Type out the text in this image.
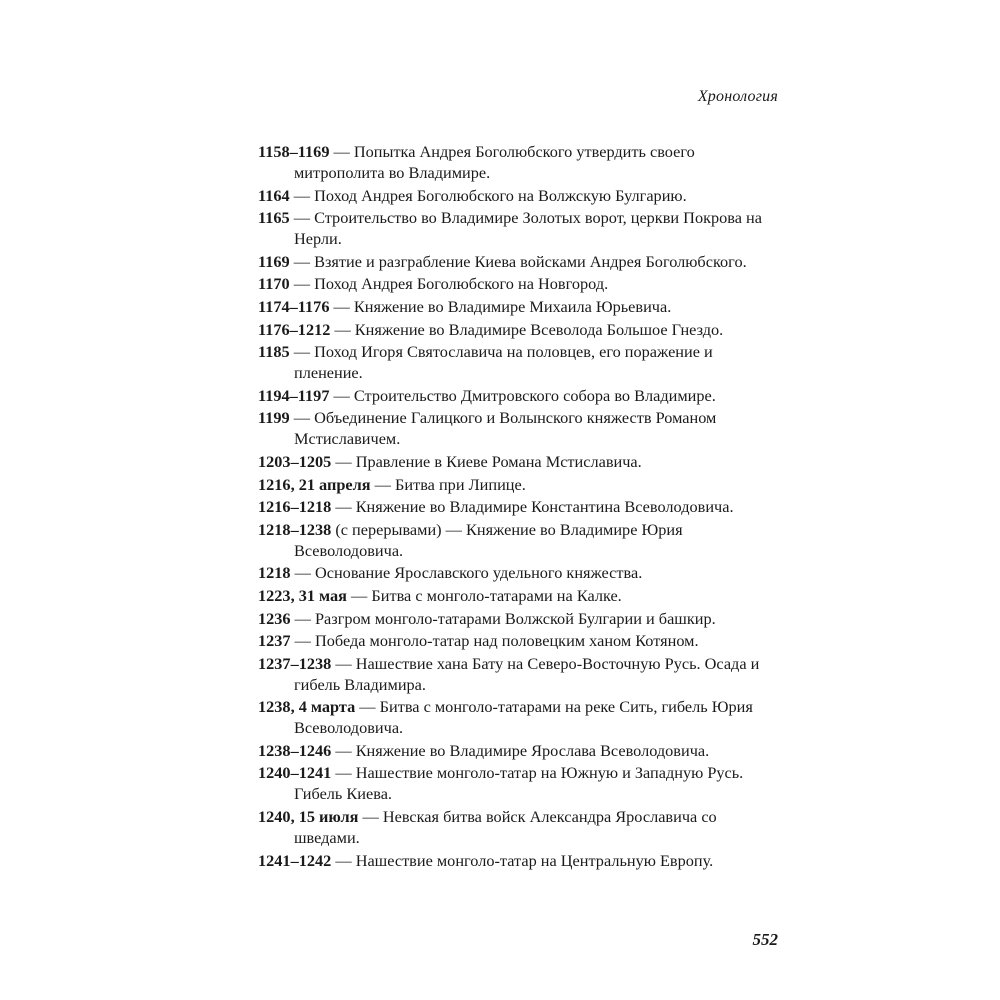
Хронология
1158–1169 — Попытка Андрея Боголюбского утвердить своего митрополита во Владимире.
1164 — Поход Андрея Боголюбского на Волжскую Булгарию.
1165 — Строительство во Владимире Золотых ворот, церкви Покрова на Нерли.
1169 — Взятие и разграбление Киева войсками Андрея Боголюбского.
1170 — Поход Андрея Боголюбского на Новгород.
1174–1176 — Княжение во Владимире Михаила Юрьевича.
1176–1212 — Княжение во Владимире Всеволода Большое Гнездо.
1185 — Поход Игоря Святославича на половцев, его поражение и пленение.
1194–1197 — Строительство Дмитровского собора во Владимире.
1199 — Объединение Галицкого и Волынского княжеств Романом Мстиславичем.
1203–1205 — Правление в Киеве Романа Мстиславича.
1216, 21 апреля — Битва при Липице.
1216–1218 — Княжение во Владимире Константина Всеволодовича.
1218–1238 (с перерывами) — Княжение во Владимире Юрия Всеволодовича.
1218 — Основание Ярославского удельного княжества.
1223, 31 мая — Битва с монголо-татарами на Калке.
1236 — Разгром монголо-татарами Волжской Булгарии и башкир.
1237 — Победа монголо-татар над половецким ханом Котяном.
1237–1238 — Нашествие хана Бату на Северо-Восточную Русь. Осада и гибель Владимира.
1238, 4 марта — Битва с монголо-татарами на реке Сить, гибель Юрия Всеволодовича.
1238–1246 — Княжение во Владимире Ярослава Всеволодовича.
1240–1241 — Нашествие монголо-татар на Южную и Западную Русь. Гибель Киева.
1240, 15 июля — Невская битва войск Александра Ярославича со шведами.
1241–1242 — Нашествие монголо-татар на Центральную Европу.
552
